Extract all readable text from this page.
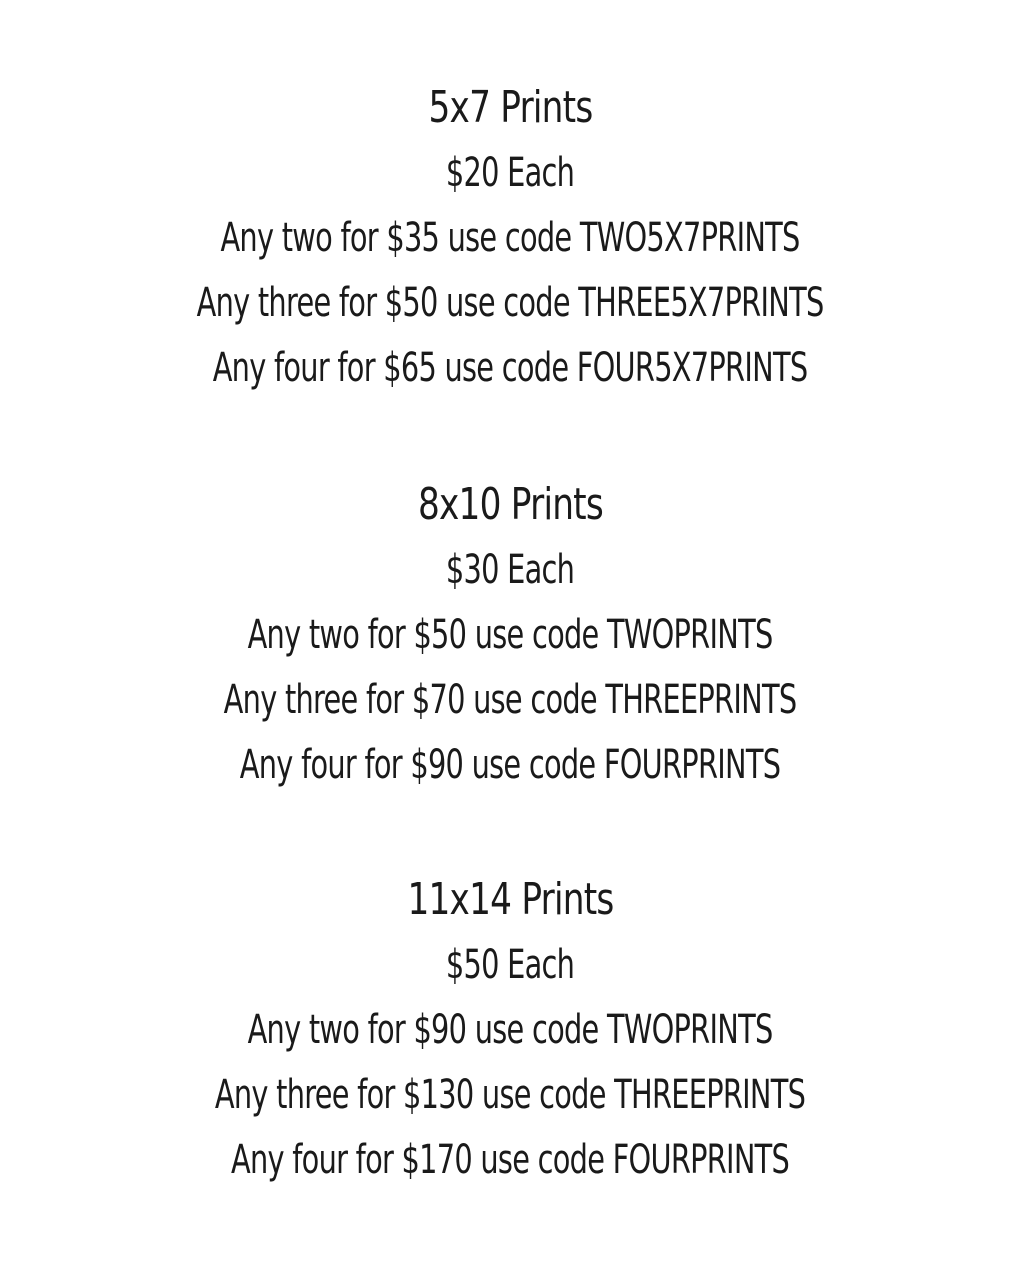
5x7 Prints
$20 Each
Any two for $35 use code TWO5X7PRINTS
Any three for $50 use code THREE5X7PRINTS
Any four for $65 use code FOUR5X7PRINTS
8x10 Prints
$30 Each
Any two for $50 use code TWOPRINTS
Any three for $70 use code THREEPRINTS
Any four for $90 use code FOURPRINTS
11x14 Prints
$50 Each
Any two for $90 use code TWOPRINTS
Any three for $130 use code THREEPRINTS
Any four for $170 use code FOURPRINTS
